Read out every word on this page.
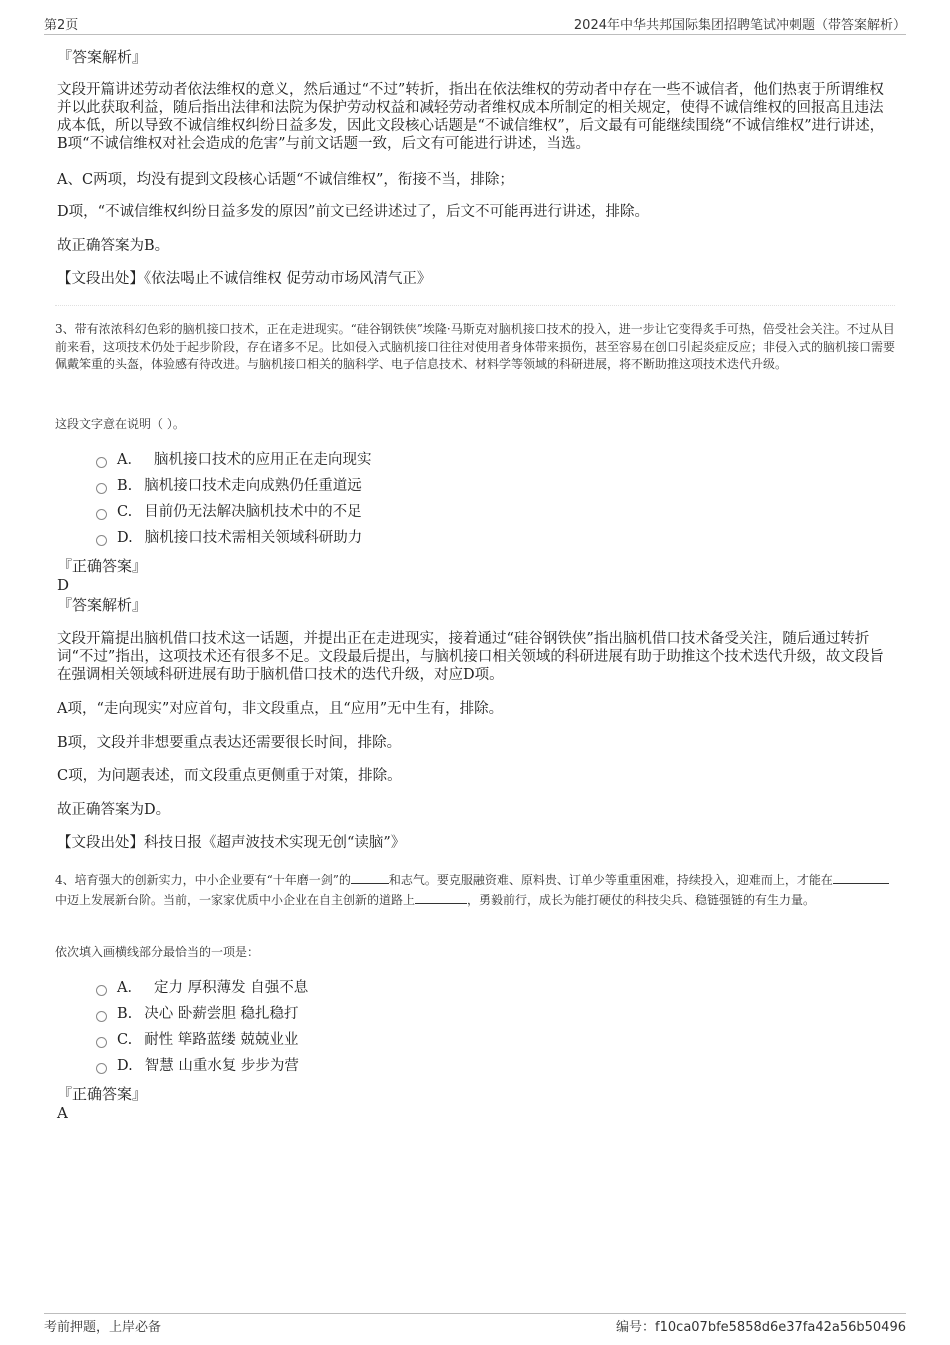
第2页	2024年中华共邦国际集团招聘笔试冲刺题（带答案解析）
『答案解析』
文段开篇讲述劳动者依法维权的意义，然后通过“不过”转折，指出在依法维权的劳动者中存在一些不诚信者，他们热衷于所谓维权并以此获取利益，随后指出法律和法院为保护劳动权益和减轻劳动者维权成本所制定的相关规定，使得不诚信维权的回报高且违法成本低，所以导致不诚信维权纠纷日益多发，因此文段核心话题是“不诚信维权”，后文最有可能继续围绕“不诚信维权”进行讲述，B项“不诚信维权对社会造成的危害”与前文话题一致，后文有可能进行讲述，当选。
A、C两项，均没有提到文段核心话题“不诚信维权”，衔接不当，排除；
D项，“不诚信维权纠纷日益多发的原因”前文已经讲述过了，后文不可能再进行讲述，排除。
故正确答案为B。
【文段出处】《依法喝止不诚信维权 促劳动市场风清气正》
3、带有浓浓科幻色彩的脑机接口技术，正在走进现实。“硅谷钢铁侠”埃隆·马斯克对脑机接口技术的投入，进一步让它变得炙手可热，倍受社会关注。不过从目前来看，这项技术仍处于起步阶段，存在诸多不足。比如侵入式脑机接口往往对使用者身体带来损伤，甚至容易在创口引起炎症反应；非侵入式的脑机接口需要佩戴笨重的头盔，体验感有待改进。与脑机接口相关的脑科学、电子信息技术、材料学等领域的科研进展，将不断助推这项技术迭代升级。
这段文字意在说明（ ）。
A． 脑机接口技术的应用正在走向现实
B. 脑机接口技术走向成熟仍任重道远
C. 目前仍无法解决脑机技术中的不足
D. 脑机接口技术需相关领域科研助力
『正确答案』
D
『答案解析』
文段开篇提出脑机借口技术这一话题，并提出正在走进现实，接着通过“硅谷钢铁侠”指出脑机借口技术备受关注，随后通过转折词“不过”指出，这项技术还有很多不足。文段最后提出，与脑机接口相关领域的科研进展有助于助推这个技术迭代升级，故文段旨在强调相关领域科研进展有助于脑机借口技术的迭代升级，对应D项。
A项，“走向现实”对应首句，非文段重点，且“应用”无中生有，排除。
B项，文段并非想要重点表达还需要很长时间，排除。
C项，为问题表述，而文段重点更侧重于对策，排除。
故正确答案为D。
【文段出处】科技日报《超声波技术实现无创“读脑”》
4、培育强大的创新实力，中小企业要有“十年磨一剑”的	和志气。要克服融资难、原料贵、订单少等重重困难，持续投入，迎难而上，才能在中迈上发展新台阶。当前，一家家优质中小企业在自主创新的道路上	，勇毅前行，成长为能打硬仗的科技尖兵、稳链强链的有生力量。
依次填入画横线部分最恰当的一项是：
A． 定力 厚积薄发 自强不息
B. 决心 卧薪尝胆 稳扎稳打
C. 耐性 筚路蓝缕 兢兢业业
D. 智慧 山重水复 步步为营
『正确答案』
A
考前押题，上岸必备	编号：f10ca07bfe5858d6e37fa42a56b50496
